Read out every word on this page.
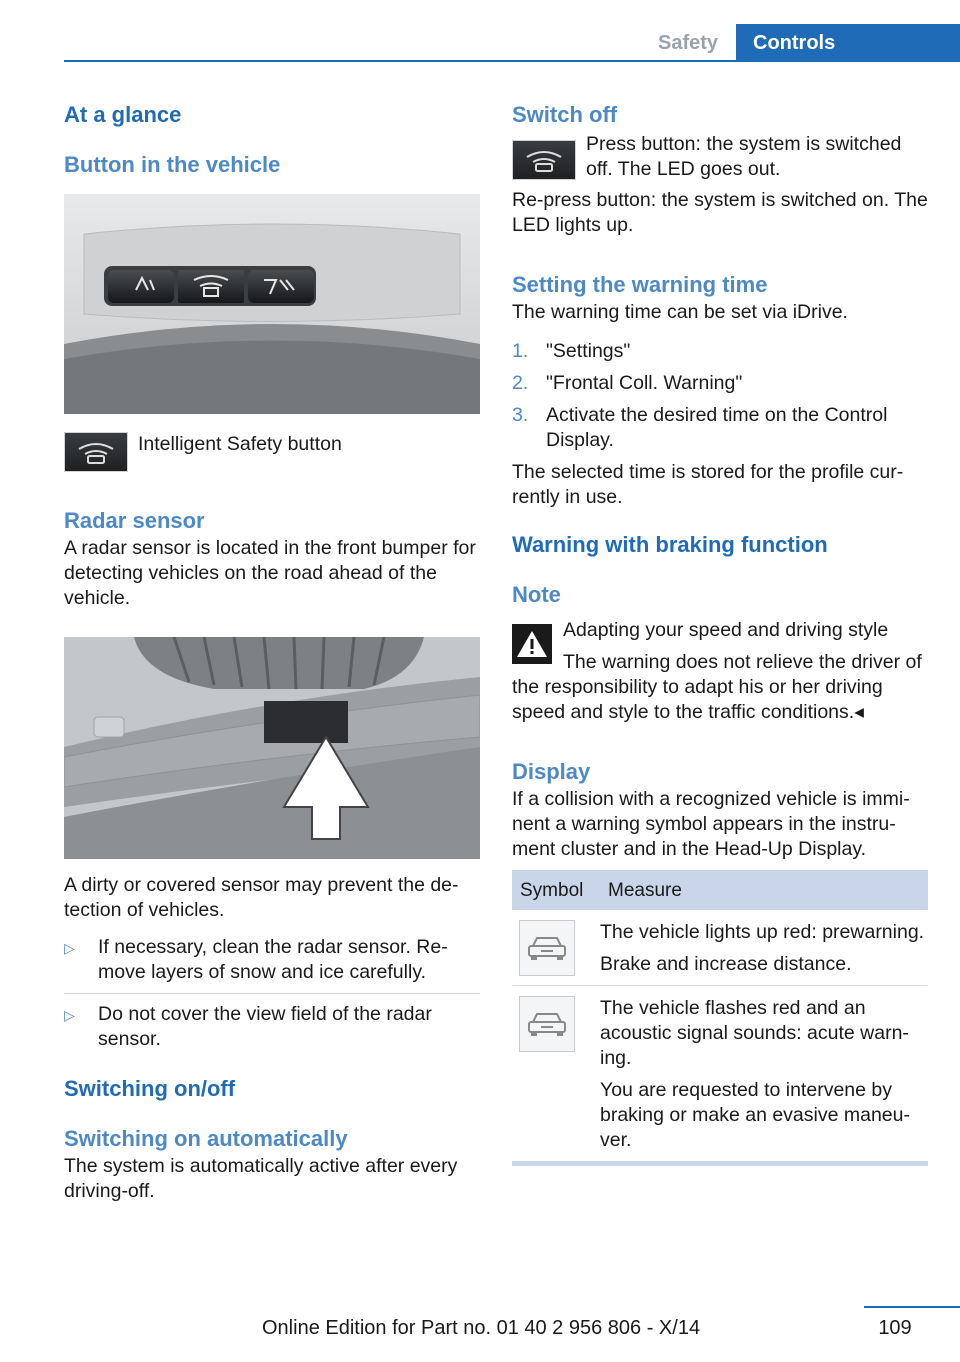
Safety	Controls
At a glance
Button in the vehicle
Intelligent Safety button
Radar sensor

A radar sensor is located in the front bumper for detecting vehicles on the road ahead of the vehicle.

A dirty or covered sensor may prevent the detection of vehicles.

▷	If necessary, clean the radar sensor. Remove layers of snow and ice carefully.
▷	Do not cover the view field of the radar sensor.
Switching on/off
Switching on automatically

The system is automatically active after every driving-off.

Switch off
Press button: the system is switched off. The LED goes out.

Re-press button: the system is switched on. The LED lights up.

Setting the warning time

The warning time can be set via iDrive.

1. "Settings"
2. "Frontal Coll. Warning"
3. Activate the desired time on the Control Display.

The selected time is stored for the profile currently in use.

Warning with braking function
Note
Adapting your speed and driving style
The warning does not relieve the driver of the responsibility to adapt his or her driving speed and style to the traffic conditions.◂
Display

If a collision with a recognized vehicle is imminent a warning symbol appears in the instrument cluster and in the Head-Up Display.

Symbol	Measure

The vehicle lights up red: prewarning.
Brake and increase distance.

The vehicle flashes red and an acoustic signal sounds: acute warning.
You are requested to intervene by braking or make an evasive maneuver.
109
Online Edition for Part no. 01 40 2 956 806 - X/14
